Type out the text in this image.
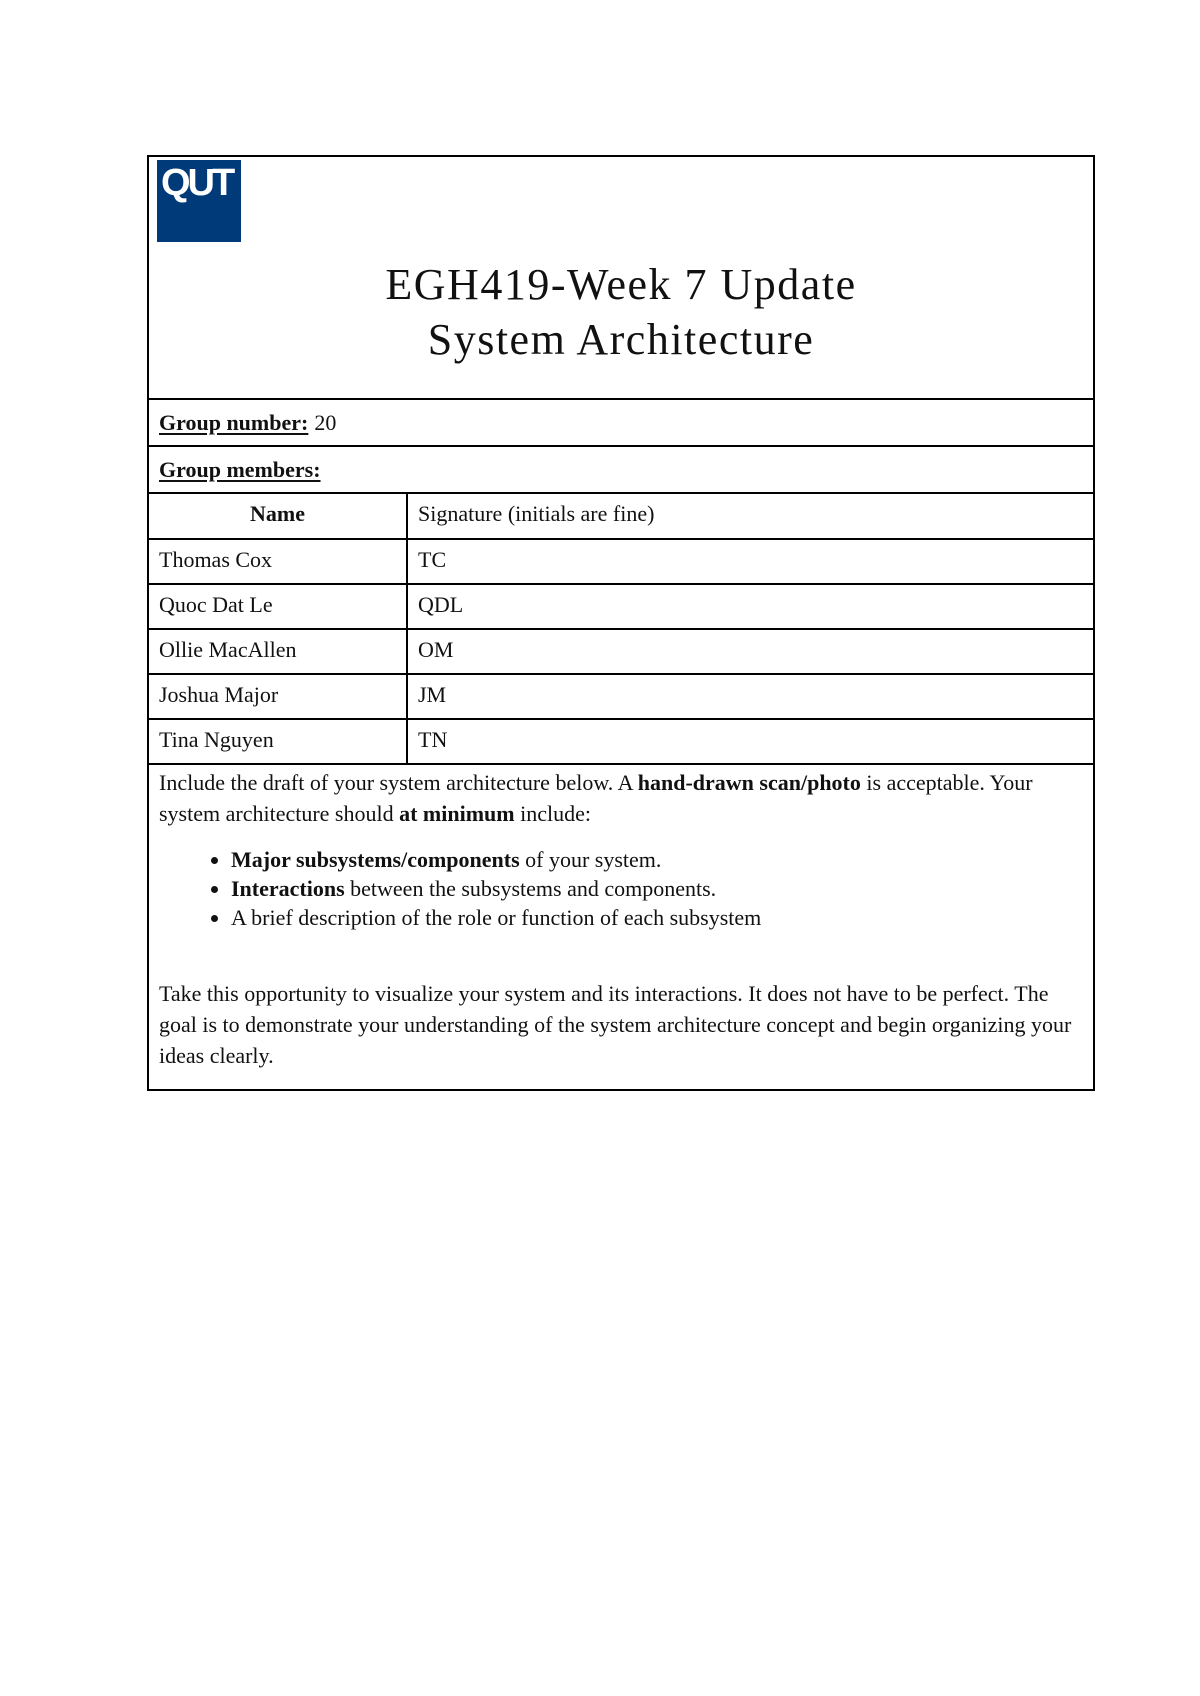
QUT
EGH419-Week 7 Update
System Architecture
Group number: 20
Group members:
Name	Signature (initials are fine)
Thomas Cox	TC
Quoc Dat Le	QDL
Ollie MacAllen	OM
Joshua Major	JM
Tina Nguyen	TN

Include the draft of your system architecture below. A hand-drawn scan/photo is acceptable. Your system architecture should at minimum include:

• Major subsystems/components of your system.
• Interactions between the subsystems and components.
• A brief description of the role or function of each subsystem

Take this opportunity to visualize your system and its interactions. It does not have to be perfect. The goal is to demonstrate your understanding of the system architecture concept and begin organizing your ideas clearly.
